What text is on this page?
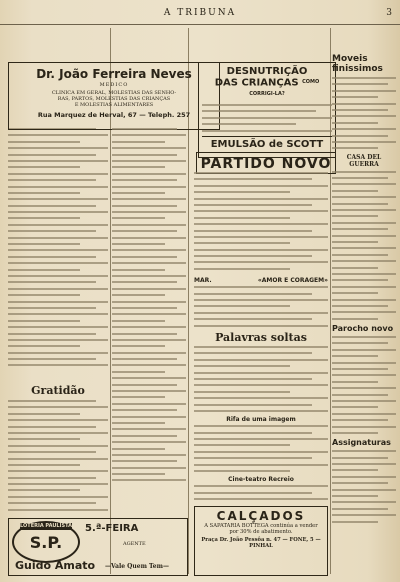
A TRIBUNA	3
Gratidão
Dr. João Ferreira Neves
MEDICO
CLINICA EM GERAL, MOLESTIAS DAS SENHO-
RAS, PARTOS, MOLESTIAS DAS CRIANÇAS
E MOLESTIAS ALIMENTARES
Rua Marquez de Herval, 67 — Teleph. 257
DESNUTRIÇÃO
DAS CRIANÇAS COMO CORRIGI-LA?
EMULSÃO de SCOTT
PARTIDO NOVO
MAR.	«AMOR E CORAGEM»
Palavras soltas
Rifa de uma imagem
Cine-teatro Recreio
CALÇADOS
A SAPATARIA BOTTEGA continúa a vender
por 30% de abatimento.
Praça Dr. João Pessôa n. 47 — FONE, 5 — PINHAL
LOTERIA PAULISTA
S.P.
5.ª-FEIRA
AGENTE
Guido Amato —Vale Quem Tem—
Moveis finissimos
CASA DEL GUERRA
Parocho novo
Assignaturas
